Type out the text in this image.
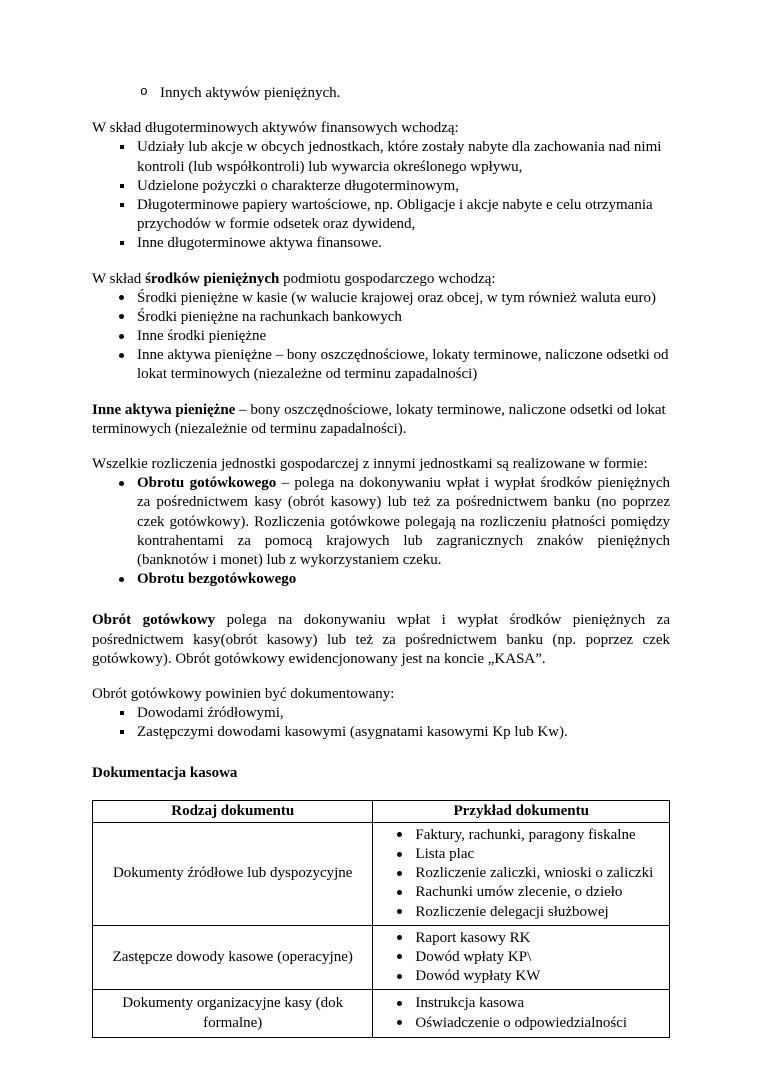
o Innych aktywów pieniężnych.

W skład długoterminowych aktywów finansowych wchodzą:

Udziały lub akcje w obcych jednostkach, które zostały nabyte dla zachowania nad nimi kontroli (lub współkontroli) lub wywarcia określonego wpływu,
Udzielone pożyczki o charakterze długoterminowym,
Długoterminowe papiery wartościowe, np. Obligacje i akcje nabyte e celu otrzymania przychodów w formie odsetek oraz dywidend,
Inne długoterminowe aktywa finansowe.

W skład środków pieniężnych podmiotu gospodarczego wchodzą:

Środki pieniężne w kasie (w walucie krajowej oraz obcej, w tym również waluta euro)
Środki pieniężne na rachunkach bankowych
Inne środki pieniężne
Inne aktywa pieniężne – bony oszczędnościowe, lokaty terminowe, naliczone odsetki od lokat terminowych (niezależne od terminu zapadalności)

Inne aktywa pieniężne – bony oszczędnościowe, lokaty terminowe, naliczone odsetki od lokat terminowych (niezależnie od terminu zapadalności).

Wszelkie rozliczenia jednostki gospodarczej z innymi jednostkami są realizowane w formie:

Obrotu gotówkowego – polega na dokonywaniu wpłat i wypłat środków pieniężnych za pośrednictwem kasy (obrót kasowy) lub też za pośrednictwem banku (no poprzez czek gotówkowy). Rozliczenia gotówkowe polegają na rozliczeniu płatności pomiędzy kontrahentami za pomocą krajowych lub zagranicznych znaków pieniężnych (banknotów i monet) lub z wykorzystaniem czeku.
Obrotu bezgotówkowego

Obrót gotówkowy polega na dokonywaniu wpłat i wypłat środków pieniężnych za pośrednictwem kasy(obrót kasowy) lub też za pośrednictwem banku (np. poprzez czek gotówkowy). Obrót gotówkowy ewidencjonowany jest na koncie „KASA”.

Obrót gotówkowy powinien być dokumentowany:

Dowodami źródłowymi,
Zastępczymi dowodami kasowymi (asygnatami kasowymi Kp lub Kw).

Dokumentacja kasowa

Rodzaj dokumentu	Przykład dokumentu
Dokumenty źródłowe lub dyspozycyjne	Faktury, rachunki, paragony fiskalne
Lista plac
Rozliczenie zaliczki, wnioski o zaliczki
Rachunki umów zlecenie, o dzieło
Rozliczenie delegacji służbowej

Zastępcze dowody kasowe (operacyjne)	Raport kasowy RK
Dowód wpłaty KP\
Dowód wypłaty KW

Dokumenty organizacyjne kasy (dok formalne)	Instrukcja kasowa
Oświadczenie o odpowiedzialności
